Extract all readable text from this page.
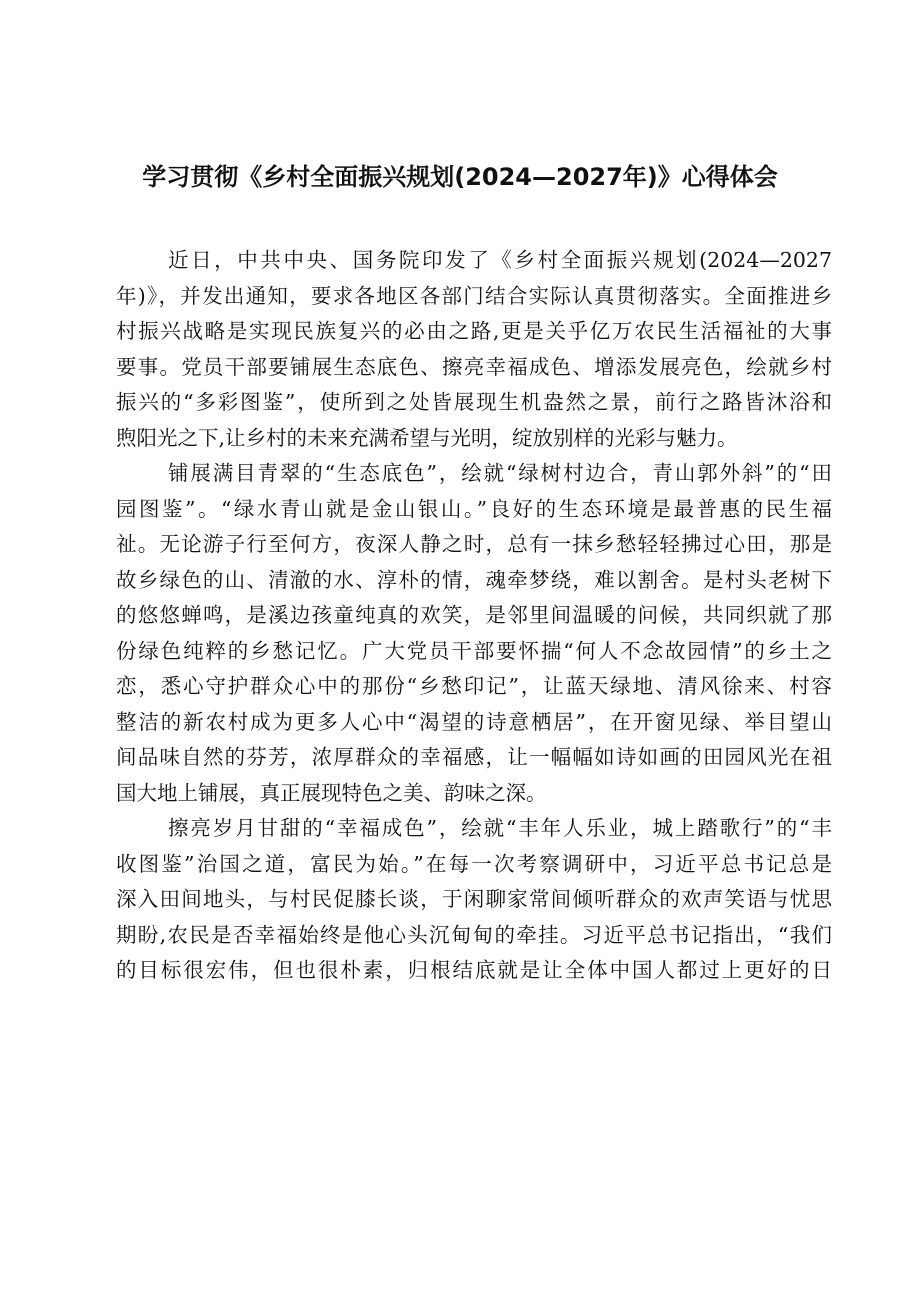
学习贯彻《乡村全面振兴规划(2024—2027年)》心得体会
近日，中共中央、国务院印发了《乡村全面振兴规划(2024—2027
年)》，并发出通知，要求各地区各部门结合实际认真贯彻落实。全面推进乡
村振兴战略是实现民族复兴的必由之路,更是关乎亿万农民生活福祉的大事
要事。党员干部要铺展生态底色、擦亮幸福成色、增添发展亮色，绘就乡村
振兴的“多彩图鉴”，使所到之处皆展现生机盎然之景，前行之路皆沐浴和
煦阳光之下,让乡村的未来充满希望与光明，绽放别样的光彩与魅力。
铺展满目青翠的“生态底色”，绘就“绿树村边合，青山郭外斜”的“田
园图鉴”。“绿水青山就是金山银山。”良好的生态环境是最普惠的民生福
祉。无论游子行至何方，夜深人静之时，总有一抹乡愁轻轻拂过心田，那是
故乡绿色的山、清澈的水、淳朴的情，魂牵梦绕，难以割舍。是村头老树下
的悠悠蝉鸣，是溪边孩童纯真的欢笑，是邻里间温暖的问候，共同织就了那
份绿色纯粹的乡愁记忆。广大党员干部要怀揣“何人不念故园情”的乡土之
恋，悉心守护群众心中的那份“乡愁印记”，让蓝天绿地、清风徐来、村容
整洁的新农村成为更多人心中“渴望的诗意栖居”，在开窗见绿、举目望山
间品味自然的芬芳，浓厚群众的幸福感，让一幅幅如诗如画的田园风光在祖
国大地上铺展，真正展现特色之美、韵味之深。
擦亮岁月甘甜的“幸福成色”，绘就“丰年人乐业，城上踏歌行”的“丰
收图鉴”治国之道，富民为始。”在每一次考察调研中，习近平总书记总是
深入田间地头，与村民促膝长谈，于闲聊家常间倾听群众的欢声笑语与忧思
期盼,农民是否幸福始终是他心头沉甸甸的牵挂。习近平总书记指出，“我们
的目标很宏伟，但也很朴素，归根结底就是让全体中国人都过上更好的日
